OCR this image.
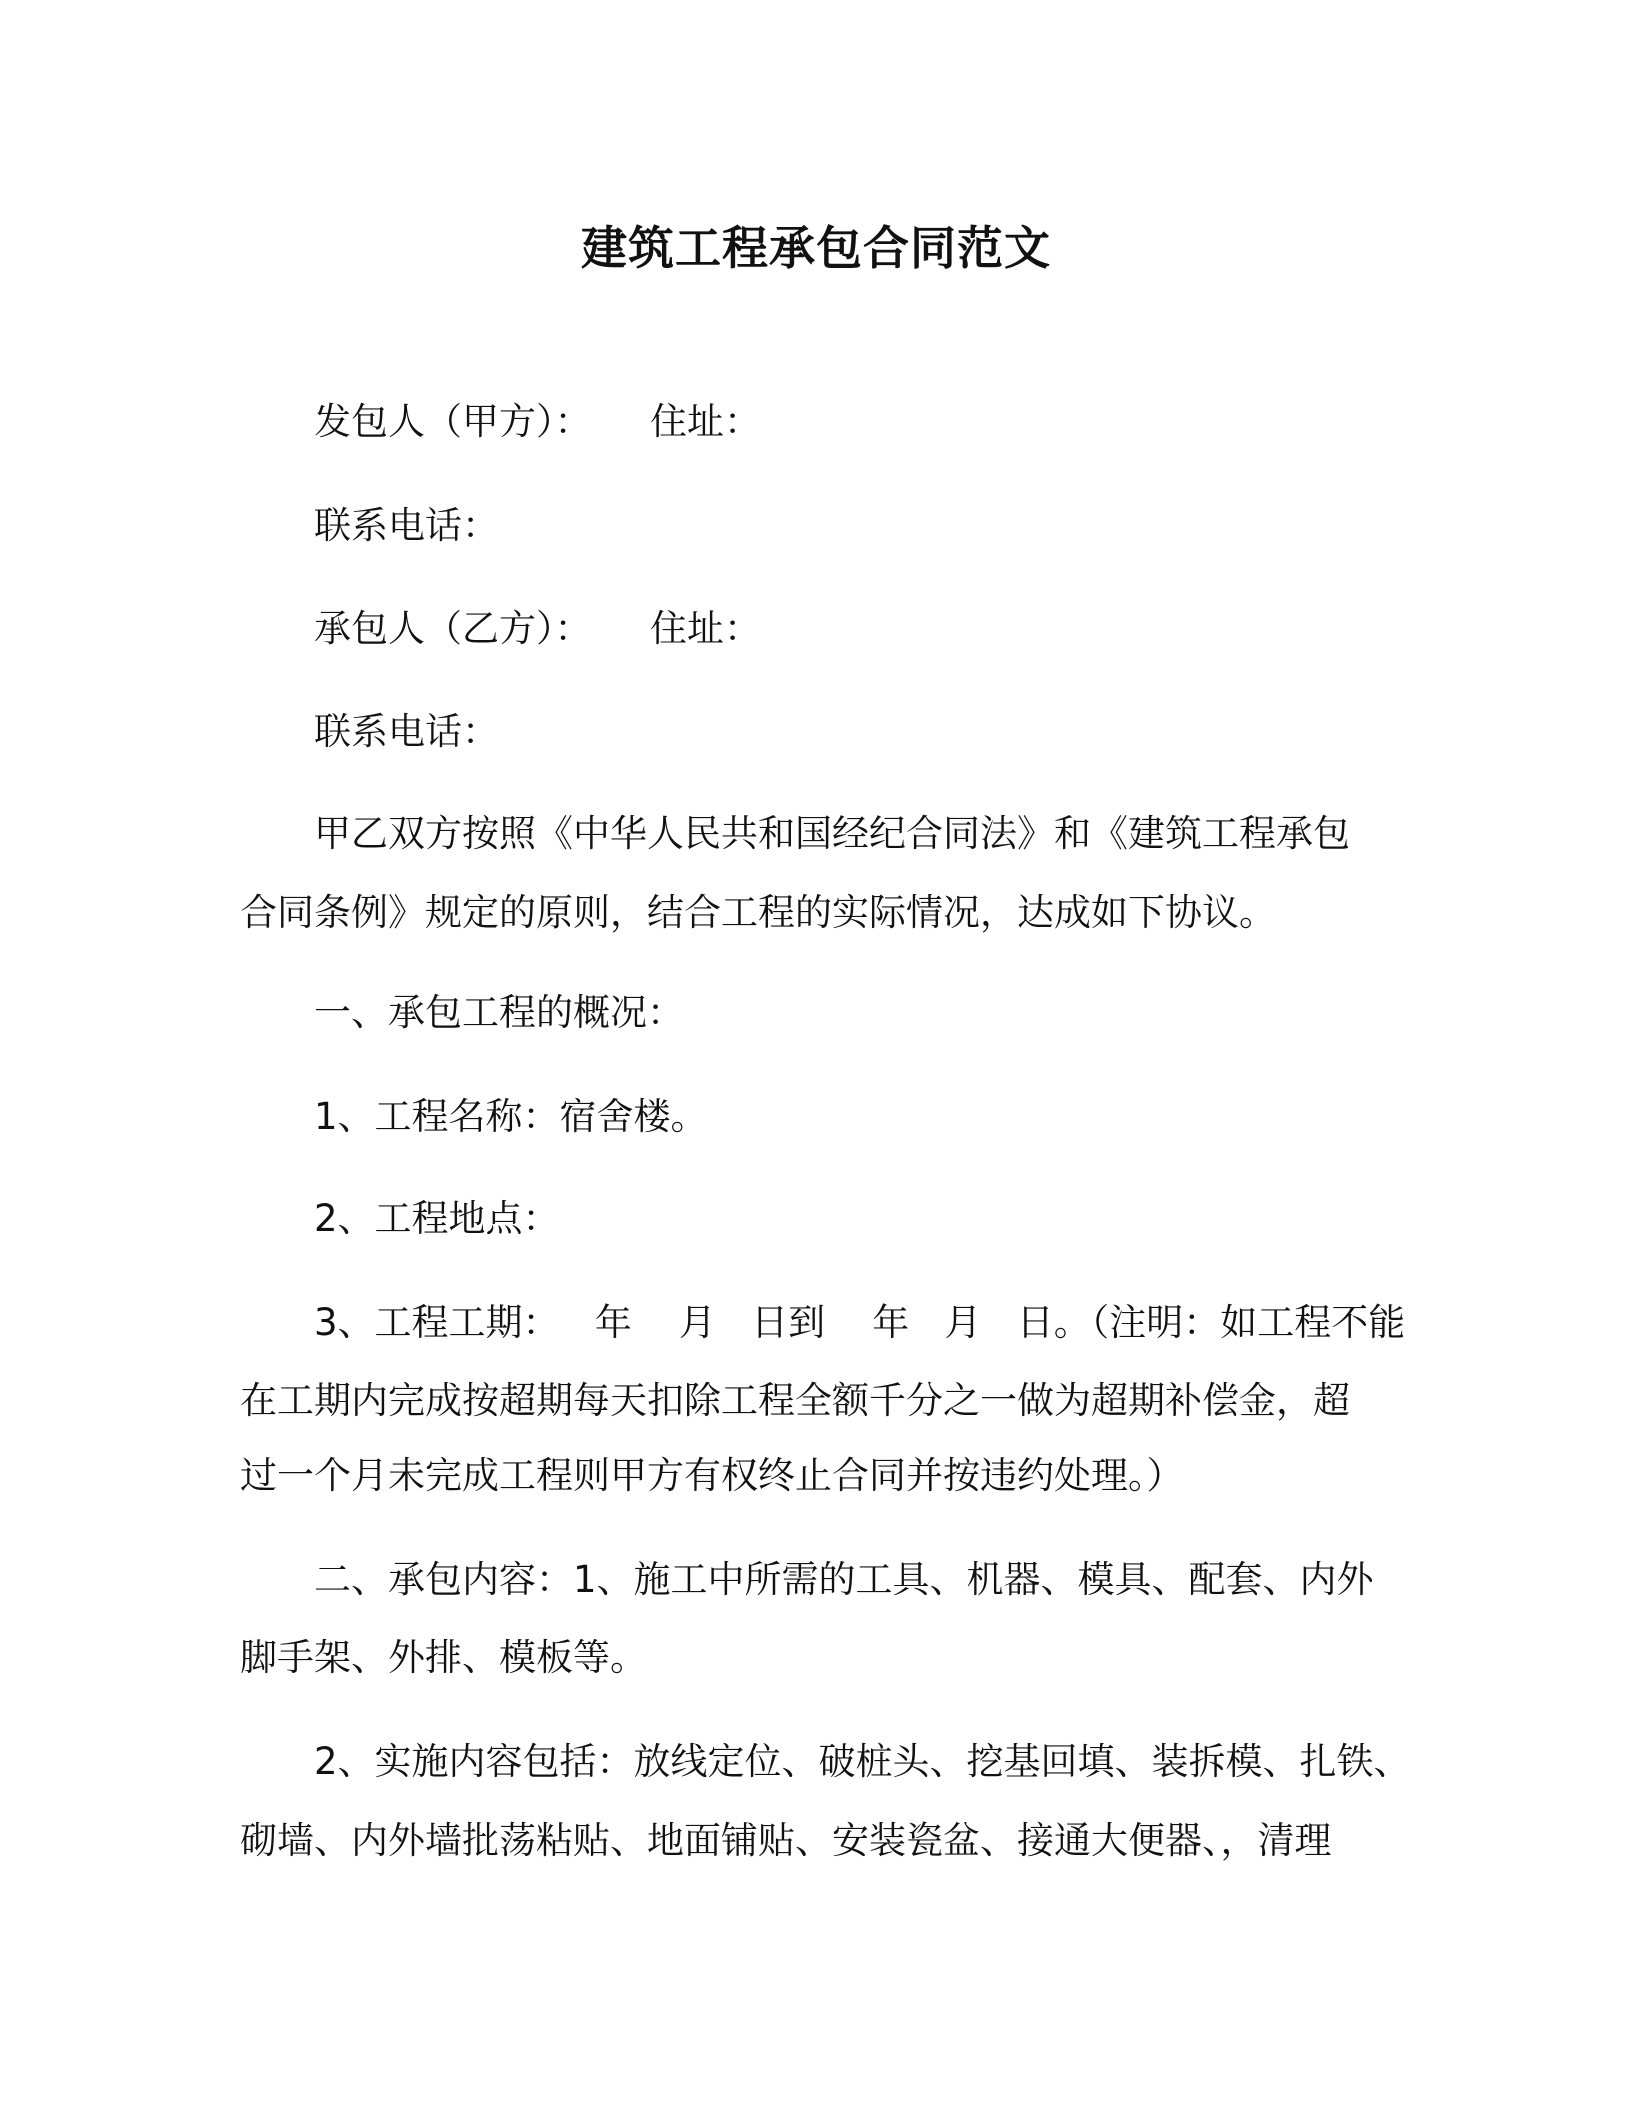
建筑工程承包合同范文
发包人（甲方）： 住址：
联系电话：
承包人（乙方）： 住址：
联系电话：
甲乙双方按照《中华人民共和国经纪合同法》和《建筑工程承包
合同条例》规定的原则，结合工程的实际情况，达成如下协议。
一、承包工程的概况：
1、工程名称：宿舍楼。
2、工程地点：
3、工程工期：   年    月   日到    年   月   日。（注明：如工程不能
在工期内完成按超期每天扣除工程全额千分之一做为超期补偿金，超
过一个月未完成工程则甲方有权终止合同并按违约处理。）
二、承包内容：1、施工中所需的工具、机器、模具、配套、内外
脚手架、外排、模板等。
2、实施内容包括：放线定位、破桩头、挖基回填、装拆模、扎铁、
砌墙、内外墙批荡粘贴、地面铺贴、安装瓷盆、接通大便器、，清理
